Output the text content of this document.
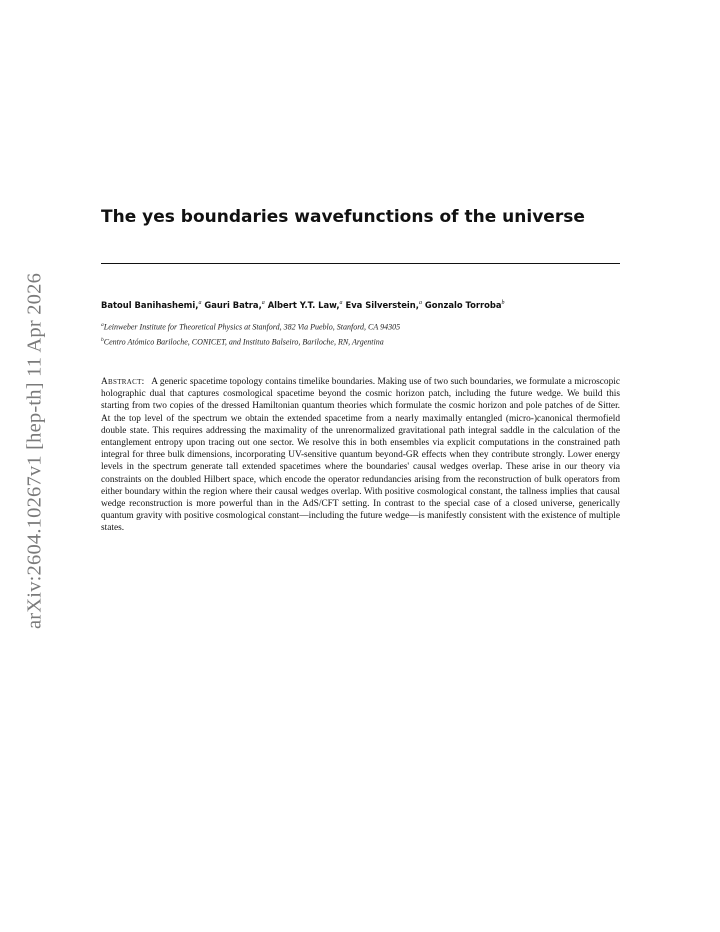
arXiv:2604.10267v1 [hep-th] 11 Apr 2026
The yes boundaries wavefunctions of the universe
Batoul Banihashemi,$^a$ Gauri Batra,$^a$ Albert Y.T. Law,$^a$ Eva Silverstein,$^a$ Gonzalo Torroba$^b$
$^a$Leinweber Institute for Theoretical Physics at Stanford, 382 Via Pueblo, Stanford, CA 94305
$^b$Centro Atómico Bariloche, CONICET, and Instituto Balseiro, Bariloche, RN, Argentina

Abstract: A generic spacetime topology contains timelike boundaries. Making use of two such boundaries, we formulate a microscopic holographic dual that captures cosmological spacetime beyond the cosmic horizon patch, including the future wedge. We build this starting from two copies of the dressed Hamiltonian quantum theories which formulate the cosmic horizon and pole patches of de Sitter. At the top level of the spectrum we obtain the extended spacetime from a nearly maximally entangled (micro-)canonical thermofield double state. This requires addressing the maximality of the unrenormalized gravitational path integral saddle in the calculation of the entanglement entropy upon tracing out one sector. We resolve this in both ensembles via explicit computations in the constrained path integral for three bulk dimensions, incorporating UV-sensitive quantum beyond-GR effects when they contribute strongly. Lower energy levels in the spectrum generate tall extended spacetimes where the boundaries' causal wedges overlap. These arise in our theory via constraints on the doubled Hilbert space, which encode the operator redundancies arising from the reconstruction of bulk operators from either boundary within the region where their causal wedges overlap. With positive cosmological constant, the tallness implies that causal wedge reconstruction is more powerful than in the AdS/CFT setting. In contrast to the special case of a closed universe, generically quantum gravity with positive cosmological constant—including the future wedge—is manifestly consistent with the existence of multiple states.
